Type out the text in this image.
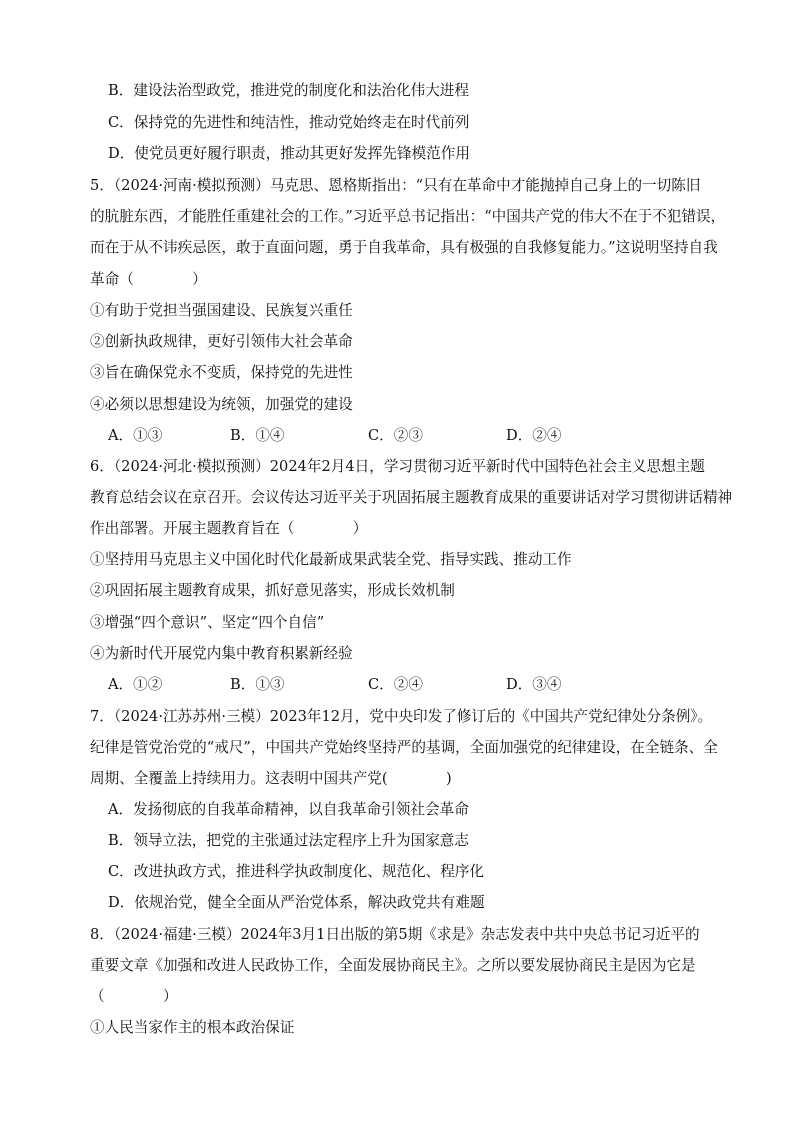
B．建设法治型政党，推进党的制度化和法治化伟大进程
C．保持党的先进性和纯洁性，推动党始终走在时代前列
D．使党员更好履行职责，推动其更好发挥先锋模范作用
5．（2024·河南·模拟预测）马克思、恩格斯指出：“只有在革命中才能抛掉自己身上的一切陈旧
的肮脏东西，才能胜任重建社会的工作。”习近平总书记指出：“中国共产党的伟大不在于不犯错误，
而在于从不讳疾忌医，敢于直面问题，勇于自我革命，具有极强的自我修复能力。”这说明坚持自我
革命（　　　　）
①有助于党担当强国建设、民族复兴重任
②创新执政规律，更好引领伟大社会革命
③旨在确保党永不变质，保持党的先进性
④必须以思想建设为统领，加强党的建设
A．①③	B．①④	C．②③	D．②④
6．（2024·河北·模拟预测）2024年2月4日，学习贯彻习近平新时代中国特色社会主义思想主题
教育总结会议在京召开。会议传达习近平关于巩固拓展主题教育成果的重要讲话对学习贯彻讲话精神
作出部署。开展主题教育旨在（　　　　）
①坚持用马克思主义中国化时代化最新成果武装全党、指导实践、推动工作
②巩固拓展主题教育成果，抓好意见落实，形成长效机制
③增强“四个意识”、坚定“四个自信”
④为新时代开展党内集中教育积累新经验
A．①②	B．①③	C．②④	D．③④
7．（2024·江苏苏州·三模）2023年12月，党中央印发了修订后的《中国共产党纪律处分条例》。
纪律是管党治党的“戒尺”，中国共产党始终坚持严的基调，全面加强党的纪律建设，在全链条、全
周期、全覆盖上持续用力。这表明中国共产党(　　　　)
A．发扬彻底的自我革命精神，以自我革命引领社会革命
B．领导立法，把党的主张通过法定程序上升为国家意志
C．改进执政方式，推进科学执政制度化、规范化、程序化
D．依规治党，健全全面从严治党体系，解决政党共有难题
8．（2024·福建·三模）2024年3月1日出版的第5期《求是》杂志发表中共中央总书记习近平的
重要文章《加强和改进人民政协工作，全面发展协商民主》。之所以要发展协商民主是因为它是
（　　　　）
①人民当家作主的根本政治保证
